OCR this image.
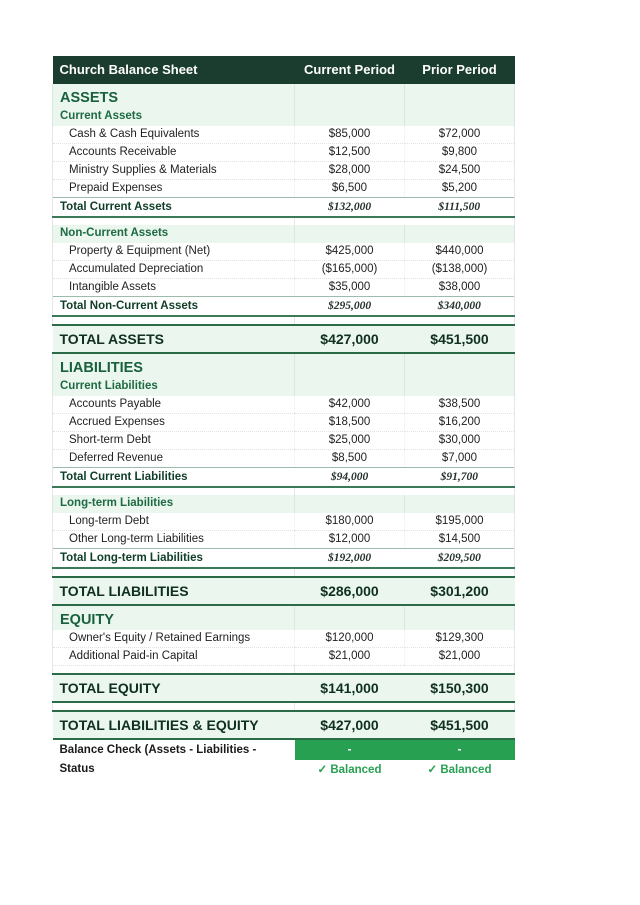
Church Balance Sheet	Current Period	Prior Period
ASSETS		
Current Assets		
Cash & Cash Equivalents	$85,000	$72,000
Accounts Receivable	$12,500	$9,800
Ministry Supplies & Materials	$28,000	$24,500
Prepaid Expenses	$6,500	$5,200
Total Current Assets	$132,000	$111,500

Non-Current Assets		
Property & Equipment (Net)	$425,000	$440,000
Accumulated Depreciation	($165,000)	($138,000)
Intangible Assets	$35,000	$38,000
Total Non-Current Assets	$295,000	$340,000

TOTAL ASSETS	$427,000	$451,500
LIABILITIES		
Current Liabilities		
Accounts Payable	$42,000	$38,500
Accrued Expenses	$18,500	$16,200
Short-term Debt	$25,000	$30,000
Deferred Revenue	$8,500	$7,000
Total Current Liabilities	$94,000	$91,700

Long-term Liabilities		
Long-term Debt	$180,000	$195,000
Other Long-term Liabilities	$12,000	$14,500
Total Long-term Liabilities	$192,000	$209,500

TOTAL LIABILITIES	$286,000	$301,200
EQUITY		
Owner's Equity / Retained Earnings	$120,000	$129,300
Additional Paid-in Capital	$21,000	$21,000

TOTAL EQUITY	$141,000	$150,300

TOTAL LIABILITIES & EQUITY	$427,000	$451,500
Balance Check (Assets - Liabilities -	-	-
Status	✓ Balanced	✓ Balanced
